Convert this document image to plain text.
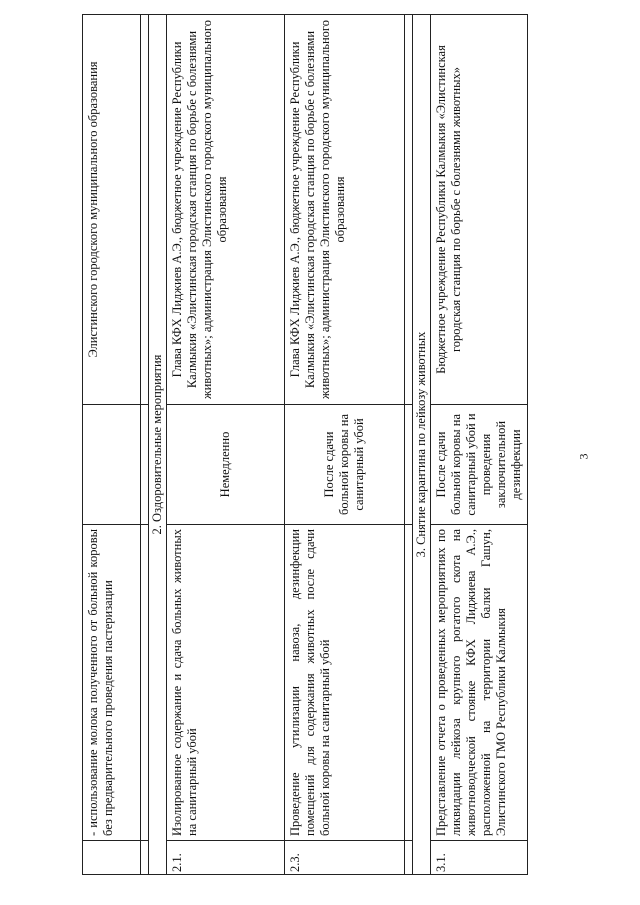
	- использование молока полученного от больной коровы без предварительного проведения пастеризации		Элистинского городского муниципального образования

2. Оздоровительные мероприятия			
2.1.	Изолированное содержание и сдача больных животных на санитарный убой	Немедленно	Глава КФХ Лиджиев А.Э., бюджетное учреждение Республики Калмыкия «Элистинская городская станция по борьбе с болезнями животных»; администрация Элистинского городского муниципального образования
2.3.	Проведение утилизации навоза, дезинфекции помещений для содержания животных после сдачи больной коровы на санитарный убой	После сдачи больной коровы на санитарный убой	Глава КФХ Лиджиев А.Э., бюджетное учреждение Республики Калмыкия «Элистинская городская станция по борьбе с болезнями животных»; администрация Элистинского городского муниципального образования

3. Снятие карантина по лейкозу животных			
3.1.	Представление отчета о проведенных мероприятиях по ликвидации лейкоза крупного рогатого скота на животноводческой стоянке КФХ Лиджиева А.Э., расположенной на территории балки Гашун, Элистинского ГМО Республики Калмыкия	После сдачи больной коровы на санитарный убой и проведения заключительной дезинфекции	Бюджетное учреждение Республики Калмыкия «Элистинская городская станция по борьбе с болезнями животных»
3
